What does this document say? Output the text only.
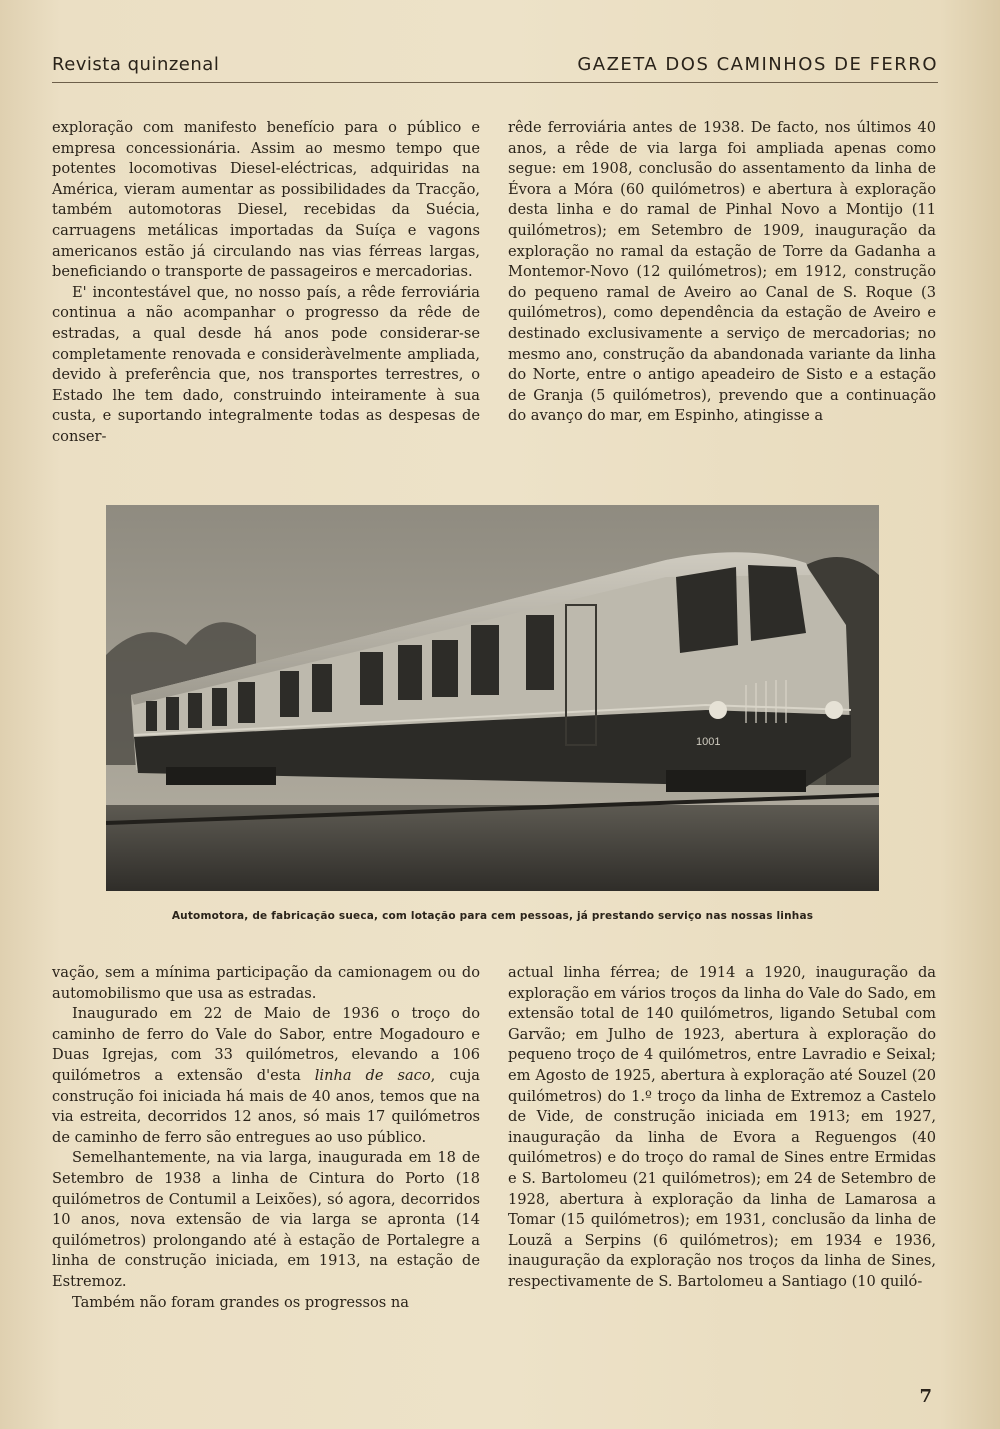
Revista quinzenal	GAZETA DOS CAMINHOS DE FERRO

exploração com manifesto benefício para o público e empresa concessionária. Assim ao mesmo tempo que potentes locomotivas Diesel-eléctricas, adquiridas na América, vieram aumentar as possibilidades da Tracção, também automotoras Diesel, recebidas da Suécia, carruagens metálicas importadas da Suíça e vagons americanos estão já circulando nas vias férreas largas, beneficiando o transporte de passageiros e mercadorias.

E' incontestável que, no nosso país, a rêde ferroviária continua a não acompanhar o progresso da rêde de estradas, a qual desde há anos pode considerar-se completamente renovada e consideràvelmente ampliada, devido à preferência que, nos transportes terrestres, o Estado lhe tem dado, construindo inteiramente à sua custa, e suportando integralmente todas as despesas de conser-

rêde ferroviária antes de 1938. De facto, nos últimos 40 anos, a rêde de via larga foi ampliada apenas como segue: em 1908, conclusão do assentamento da linha de Évora a Móra (60 quilómetros) e abertura à exploração desta linha e do ramal de Pinhal Novo a Montijo (11 quilómetros); em Setembro de 1909, inauguração da exploração no ramal da estação de Torre da Gadanha a Montemor-Novo (12 quilómetros); em 1912, construção do pequeno ramal de Aveiro ao Canal de S. Roque (3 quilómetros), como dependência da estação de Aveiro e destinado exclusivamente a serviço de mercadorias; no mesmo ano, construção da abandonada variante da linha do Norte, entre o antigo apeadeiro de Sisto e a estação de Granja (5 quilómetros), prevendo que a continuação do avanço do mar, em Espinho, atingisse a

1001
Automotora, de fabricação sueca, com lotação para cem pessoas, já prestando serviço nas nossas linhas

vação, sem a mínima participação da camionagem ou do automobilismo que usa as estradas.

Inaugurado em 22 de Maio de 1936 o troço do caminho de ferro do Vale do Sabor, entre Mogadouro e Duas Igrejas, com 33 quilómetros, elevando a 106 quilómetros a extensão d'esta linha de saco, cuja construção foi iniciada há mais de 40 anos, temos que na via estreita, decorridos 12 anos, só mais 17 quilómetros de caminho de ferro são entregues ao uso público.

Semelhantemente, na via larga, inaugurada em 18 de Setembro de 1938 a linha de Cintura do Porto (18 quilómetros de Contumil a Leixões), só agora, decorridos 10 anos, nova extensão de via larga se apronta (14 quilómetros) prolongando até à estação de Portalegre a linha de construção iniciada, em 1913, na estação de Estremoz.

Também não foram grandes os progressos na

actual linha férrea; de 1914 a 1920, inauguração da exploração em vários troços da linha do Vale do Sado, em extensão total de 140 quilómetros, ligando Setubal com Garvão; em Julho de 1923, abertura à exploração do pequeno troço de 4 quilómetros, entre Lavradio e Seixal; em Agosto de 1925, abertura à exploração até Souzel (20 quilómetros) do 1.º troço da linha de Extremoz a Castelo de Vide, de construção iniciada em 1913; em 1927, inauguração da linha de Evora a Reguengos (40 quilómetros) e do troço do ramal de Sines entre Ermidas e S. Bartolomeu (21 quilómetros); em 24 de Setembro de 1928, abertura à exploração da linha de Lamarosa a Tomar (15 quilómetros); em 1931, conclusão da linha de Louzã a Serpins (6 quilómetros); em 1934 e 1936, inauguração da exploração nos troços da linha de Sines, respectivamente de S. Bartolomeu a Santiago (10 quiló-

7
